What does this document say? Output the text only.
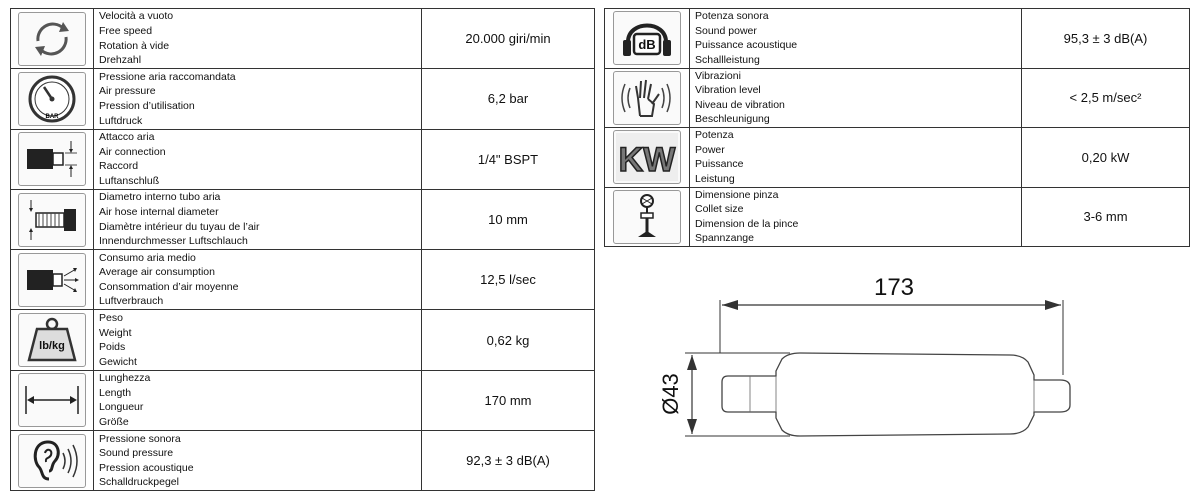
Velocità a vuoto
Free speed
Rotation à vide
Drehzahl	20.000 giri/min

BAR	Pressione aria raccomandata
Air pressure
Pression d’utilisation
Luftdruck	6,2 bar

Attacco aria
Air connection
Raccord
Luftanschluß	1/4" BSPT

Diametro interno tubo aria
Air hose internal diameter
Diamètre intérieur du tuyau de l’air
Innendurchmesser Luftschlauch	10 mm

Consumo aria medio
Average air consumption
Consommation d’air moyenne
Luftverbrauch	12,5 l/sec

lb/kg	Peso
Weight
Poids
Gewicht	0,62 kg

Lunghezza
Length
Longueur
Größe	170 mm

Pressione sonora
Sound pressure
Pression acoustique
Schalldruckpegel	92,3 ± 3 dB(A)
dB	Potenza sonora
Sound power
Puissance acoustique
Schallleistung	95,3 ± 3 dB(A)

Vibrazioni
Vibration level
Niveau de vibration
Beschleunigung	< 2,5 m/sec²

KW	Potenza
Power
Puissance
Leistung	0,20 kW

Dimensione pinza
Collet size
Dimension de la pince
Spannzange	3-6 mm
173
Ø43
